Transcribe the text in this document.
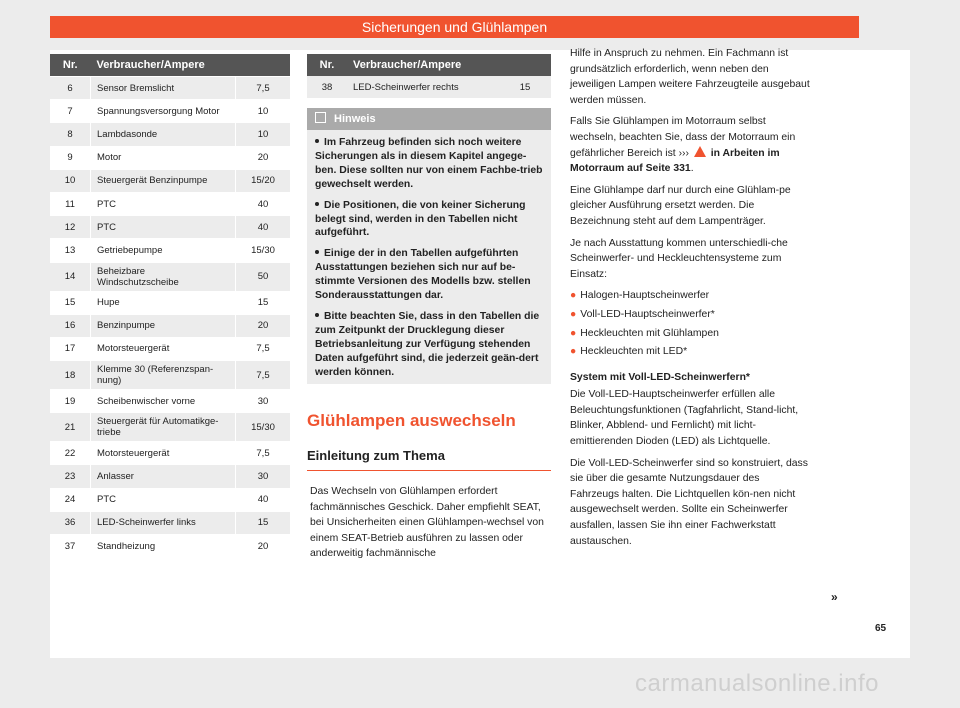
Sicherungen und Glühlampen
Nr.	Verbraucher/Ampere	
6	Sensor Bremslicht	7,5
7	Spannungsversorgung Motor	10
8	Lambdasonde	10
9	Motor	20
10	Steuergerät Benzinpumpe	15/20
11	PTC	40
12	PTC	40
13	Getriebepumpe	15/30
14	Beheizbare Windschutzscheibe	50
15	Hupe	15
16	Benzinpumpe	20
17	Motorsteuergerät	7,5
18	Klemme 30 (Referenzspan-nung)	7,5
19	Scheibenwischer vorne	30
21	Steuergerät für Automatikge-triebe	15/30
22	Motorsteuergerät	7,5
23	Anlasser	30
24	PTC	40
36	LED-Scheinwerfer links	15
37	Standheizung	20
Nr.	Verbraucher/Ampere	
38	LED-Scheinwerfer rechts	15
Hinweis
Im Fahrzeug befinden sich noch weitere Sicherungen als in diesem Kapitel angege-ben. Diese sollten nur von einem Fachbe-trieb gewechselt werden.
Die Positionen, die von keiner Sicherung belegt sind, werden in den Tabellen nicht aufgeführt.
Einige der in den Tabellen aufgeführten Ausstattungen beziehen sich nur auf be-stimmte Versionen des Modells bzw. stellen Sonderausstattungen dar.
Bitte beachten Sie, dass in den Tabellen die zum Zeitpunkt der Drucklegung dieser Betriebsanleitung zur Verfügung stehenden Daten aufgeführt sind, die jederzeit geän-dert werden können.
Glühlampen auswechseln
Einleitung zum Thema
Das Wechseln von Glühlampen erfordert fachmännisches Geschick. Daher empfiehlt SEAT, bei Unsicherheiten einen Glühlampen-wechsel von einem SEAT-Betrieb ausführen zu lassen oder anderweitig fachmännische

Hilfe in Anspruch zu nehmen. Ein Fachmann ist grundsätzlich erforderlich, wenn neben den jeweiligen Lampen weitere Fahrzeugteile ausgebaut werden müssen.

Falls Sie Glühlampen im Motorraum selbst wechseln, beachten Sie, dass der Motorraum ein gefährlicher Bereich ist ››› in Arbeiten im Motorraum auf Seite 331.

Eine Glühlampe darf nur durch eine Glühlam-pe gleicher Ausführung ersetzt werden. Die Bezeichnung steht auf dem Lampenträger.

Je nach Ausstattung kommen unterschiedli-che Scheinwerfer- und Heckleuchtensysteme zum Einsatz:

● Halogen-Hauptscheinwerfer

● Voll-LED-Hauptscheinwerfer*

● Heckleuchten mit Glühlampen

● Heckleuchten mit LED*

System mit Voll-LED-Scheinwerfern*

Die Voll-LED-Hauptscheinwerfer erfüllen alle Beleuchtungsfunktionen (Tagfahrlicht, Stand-licht, Blinker, Abblend- und Fernlicht) mit licht-emittierenden Dioden (LED) als Lichtquelle.

Die Voll-LED-Scheinwerfer sind so konstruiert, dass sie über die gesamte Nutzungsdauer des Fahrzeugs halten. Die Lichtquellen kön-nen nicht ausgewechselt werden. Sollte ein Scheinwerfer ausfallen, lassen Sie ihn einer Fachwerkstatt austauschen.

»
65
carmanualsonline.info
